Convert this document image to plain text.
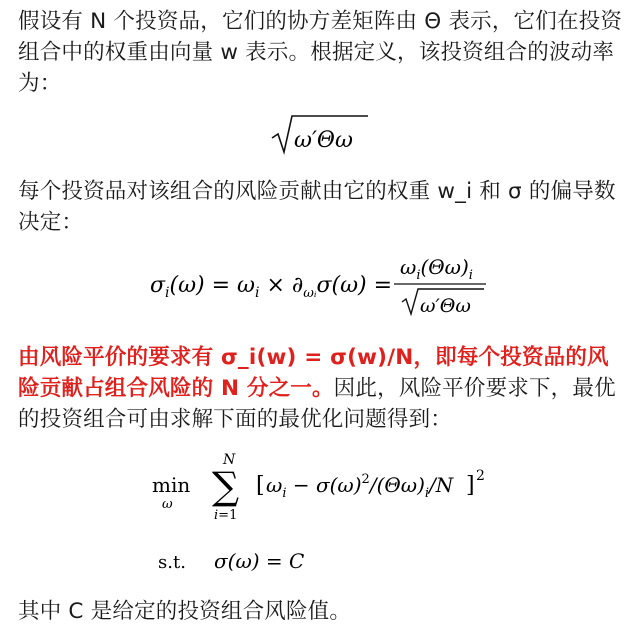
假设有 N 个投资品，它们的协方差矩阵由 Θ 表示，它们在投资组合中的权重由向量 w 表示。根据定义，该投资组合的波动率为：

ω′Θω

每个投资品对该组合的风险贡献由它的权重 w_i 和 σ 的偏导数决定：

$\sigma_i(\omega) = \omega_i \times \partial_{\omega ᵢ}\sigma(\omega)$ =
$\omega_i(\Theta\omega)_i$
ω′Θω

由风险平价的要求有 σ_i(w) = σ(w)/N，即每个投资品的风险贡献占组合风险的 N 分之一。因此，风险平价要求下，最优的投资组合可由求解下面的最优化问题得到：

min
ω
N
∑
i=1
[ $\omega_i - \sigma(\omega)^2/(\Theta\omega)_i/N$ ] 2
s.t. σ(ω) = C

其中 C 是给定的投资组合风险值。
